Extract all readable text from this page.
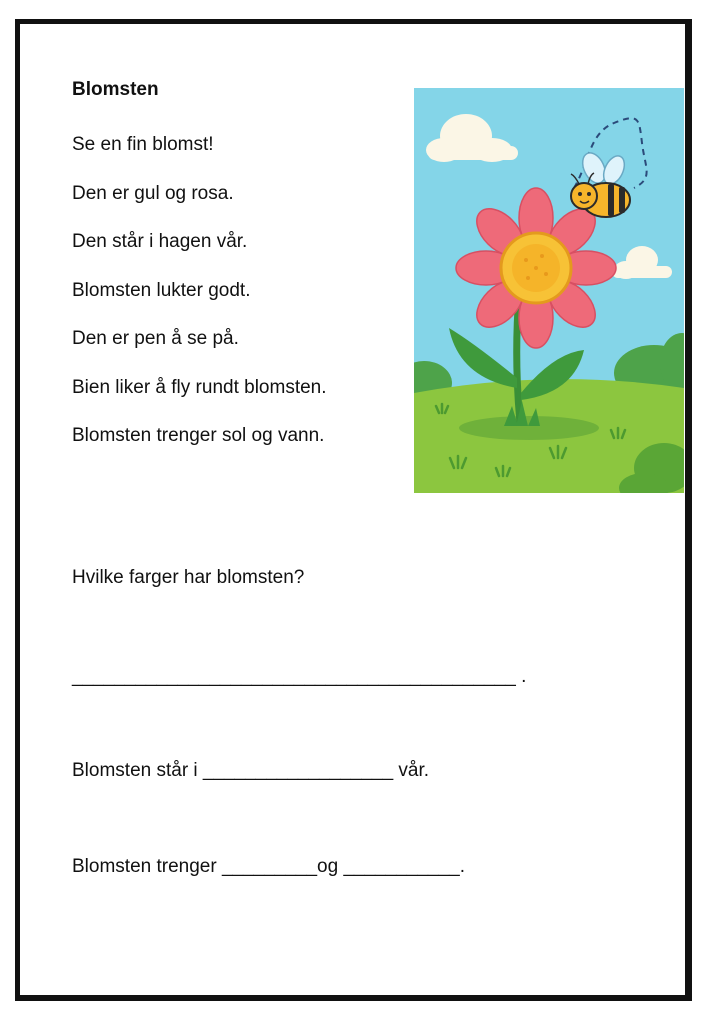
Blomsten
Se en fin blomst!
Den er gul og rosa.
Den står i hagen vår.
Blomsten lukter godt.
Den er pen å se på.
Bien liker å fly rundt blomsten.
Blomsten trenger sol og vann.

Hvilke farger har blomsten?

__________________________________________ .

Blomsten står i __________________ vår.

Blomsten trenger _________og ___________.
